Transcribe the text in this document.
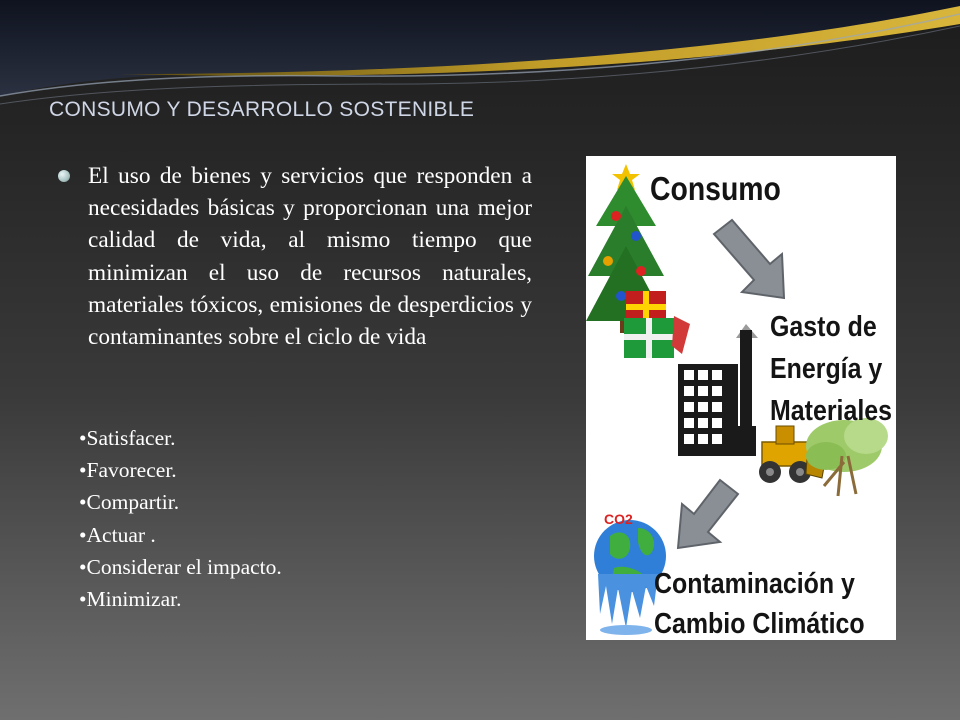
CONSUMO Y DESARROLLO SOSTENIBLE

El uso de bienes y servicios que responden a necesidades básicas y proporcionan una mejor calidad de vida, al mismo tiempo que minimizan el uso de recursos naturales, materiales tóxicos, emisiones de desperdicios y contaminantes sobre el ciclo de vida

•Satisfacer.
•Favorecer.
•Compartir.
•Actuar .
•Considerar el impacto.
•Minimizar.
CO2
Consumo
Gasto de
Energía y
Materiales
Contaminación y
Cambio Climático
